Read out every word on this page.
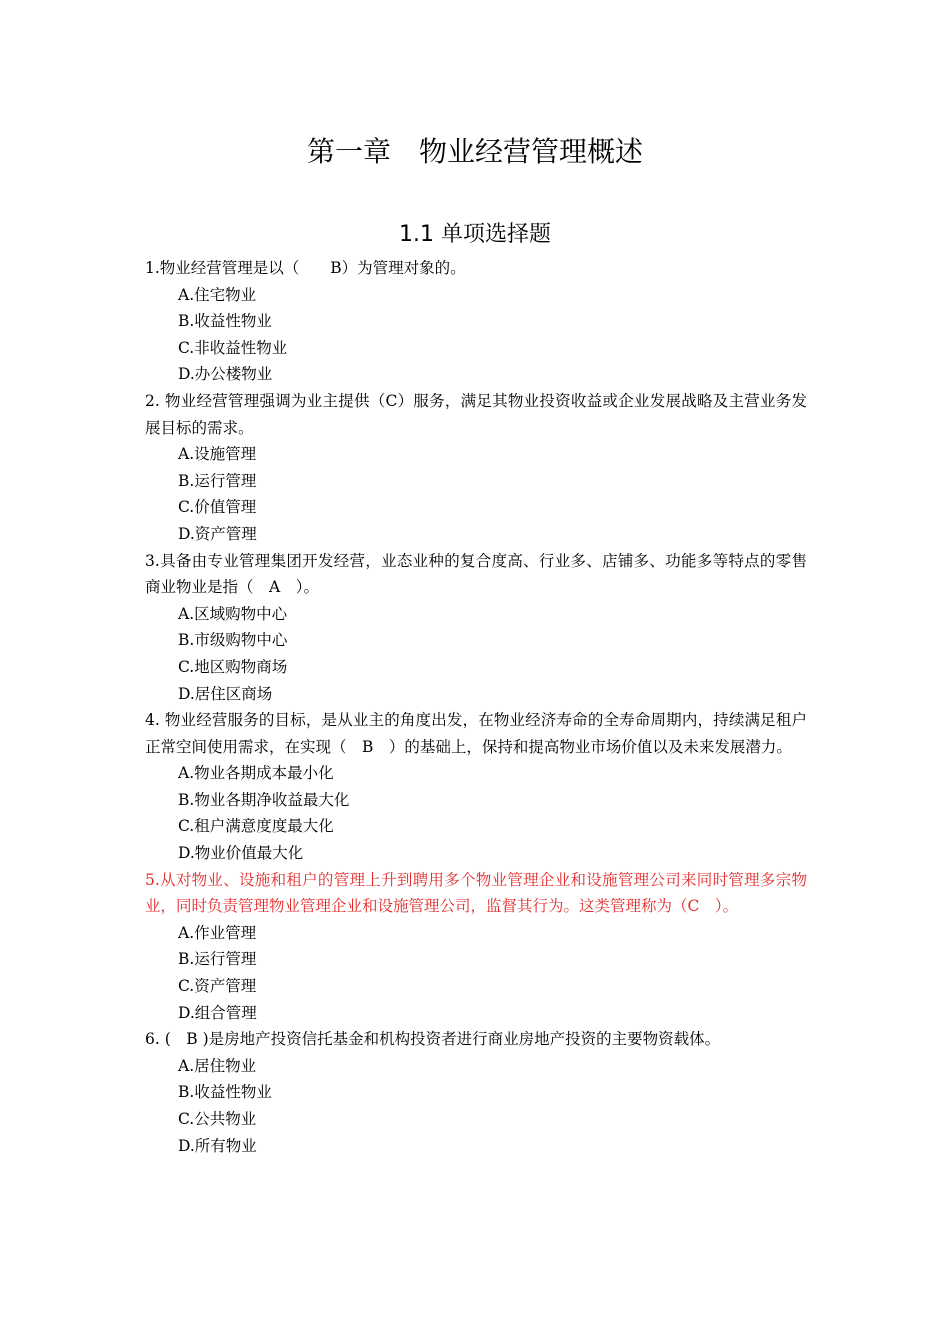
第一章　物业经营管理概述
1.1 单项选择题
1.物业经营管理是以（　　B）为管理对象的。
A.住宅物业
B.收益性物业
C.非收益性物业
D.办公楼物业
2. 物业经营管理强调为业主提供（C）服务，满足其物业投资收益或企业发展战略及主营业务发展目标的需求。
A.设施管理
B.运行管理
C.价值管理
D.资产管理
3.具备由专业管理集团开发经营，业态业种的复合度高、行业多、店铺多、功能多等特点的零售商业物业是指（　A　）。
A.区域购物中心
B.市级购物中心
C.地区购物商场
D.居住区商场
4. 物业经营服务的目标，是从业主的角度出发，在物业经济寿命的全寿命周期内，持续满足租户正常空间使用需求，在实现（　B　）的基础上，保持和提高物业市场价值以及未来发展潜力。
A.物业各期成本最小化
B.物业各期净收益最大化
C.租户满意度度最大化
D.物业价值最大化
5.从对物业、设施和租户的管理上升到聘用多个物业管理企业和设施管理公司来同时管理多宗物业，同时负责管理物业管理企业和设施管理公司，监督其行为。这类管理称为（C　）。
A.作业管理
B.运行管理
C.资产管理
D.组合管理
6. (　B )是房地产投资信托基金和机构投资者进行商业房地产投资的主要物资载体。
A.居住物业
B.收益性物业
C.公共物业
D.所有物业
